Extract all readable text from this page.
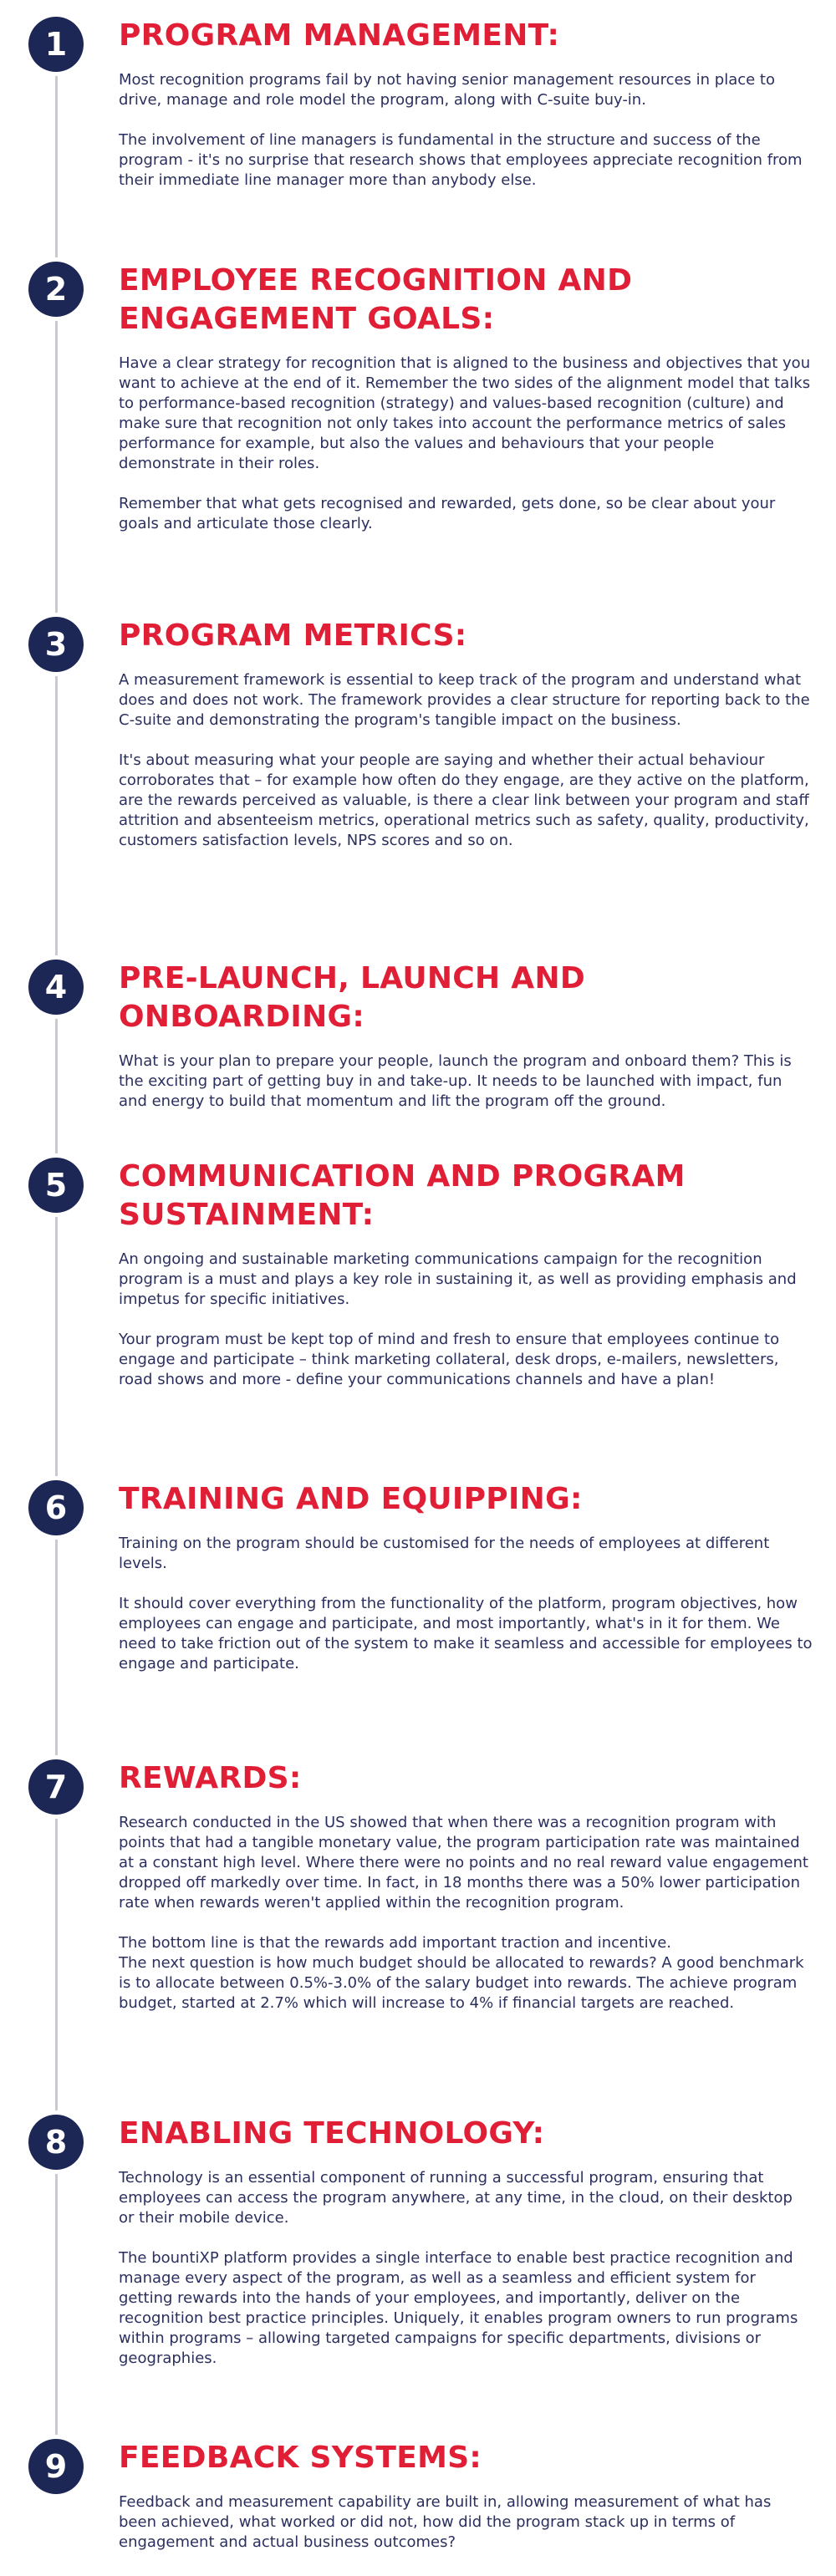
1	PROGRAM MANAGEMENT:

Most recognition programs fail by not having senior management resources in place to drive, manage and role model the program, along with C-suite buy-in.

The involvement of line managers is fundamental in the structure and success of the program - it's no surprise that research shows that employees appreciate recognition from their immediate line manager more than anybody else.

2	EMPLOYEE RECOGNITION AND ENGAGEMENT GOALS:

Have a clear strategy for recognition that is aligned to the business and objectives that you want to achieve at the end of it. Remember the two sides of the alignment model that talks to performance-based recognition (strategy) and values-based recognition (culture) and make sure that recognition not only takes into account the performance metrics of sales performance for example, but also the values and behaviours that your people demonstrate in their roles.

Remember that what gets recognised and rewarded, gets done, so be clear about your goals and articulate those clearly.

3	PROGRAM METRICS:

A measurement framework is essential to keep track of the program and understand what does and does not work. The framework provides a clear structure for reporting back to the C-suite and demonstrating the program's tangible impact on the business.

It's about measuring what your people are saying and whether their actual behaviour corroborates that – for example how often do they engage, are they active on the platform, are the rewards perceived as valuable, is there a clear link between your program and staff attrition and absenteeism metrics, operational metrics such as safety, quality, productivity, customers satisfaction levels, NPS scores and so on.

4	PRE-LAUNCH, LAUNCH AND ONBOARDING:

What is your plan to prepare your people, launch the program and onboard them? This is the exciting part of getting buy in and take-up. It needs to be launched with impact, fun and energy to build that momentum and lift the program off the ground.

5	COMMUNICATION AND PROGRAM SUSTAINMENT:

An ongoing and sustainable marketing communications campaign for the recognition program is a must and plays a key role in sustaining it, as well as providing emphasis and impetus for specific initiatives.

Your program must be kept top of mind and fresh to ensure that employees continue to engage and participate – think marketing collateral, desk drops, e-mailers, newsletters, road shows and more - define your communications channels and have a plan!

6	TRAINING AND EQUIPPING:

Training on the program should be customised for the needs of employees at different levels.

It should cover everything from the functionality of the platform, program objectives, how employees can engage and participate, and most importantly, what's in it for them. We need to take friction out of the system to make it seamless and accessible for employees to engage and participate.

7	REWARDS:

Research conducted in the US showed that when there was a recognition program with points that had a tangible monetary value, the program participation rate was maintained at a constant high level. Where there were no points and no real reward value engagement dropped off markedly over time. In fact, in 18 months there was a 50% lower participation rate when rewards weren't applied within the recognition program.

The bottom line is that the rewards add important traction and incentive.
The next question is how much budget should be allocated to rewards? A good benchmark is to allocate between 0.5%-3.0% of the salary budget into rewards. The achieve program budget, started at 2.7% which will increase to 4% if financial targets are reached.

8	ENABLING TECHNOLOGY:

Technology is an essential component of running a successful program, ensuring that employees can access the program anywhere, at any time, in the cloud, on their desktop or their mobile device.

The bountiXP platform provides a single interface to enable best practice recognition and manage every aspect of the program, as well as a seamless and efficient system for getting rewards into the hands of your employees, and importantly, deliver on the recognition best practice principles. Uniquely, it enables program owners to run programs within programs – allowing targeted campaigns for specific departments, divisions or geographies.

9	FEEDBACK SYSTEMS:

Feedback and measurement capability are built in, allowing measurement of what has been achieved, what worked or did not, how did the program stack up in terms of engagement and actual business outcomes?
